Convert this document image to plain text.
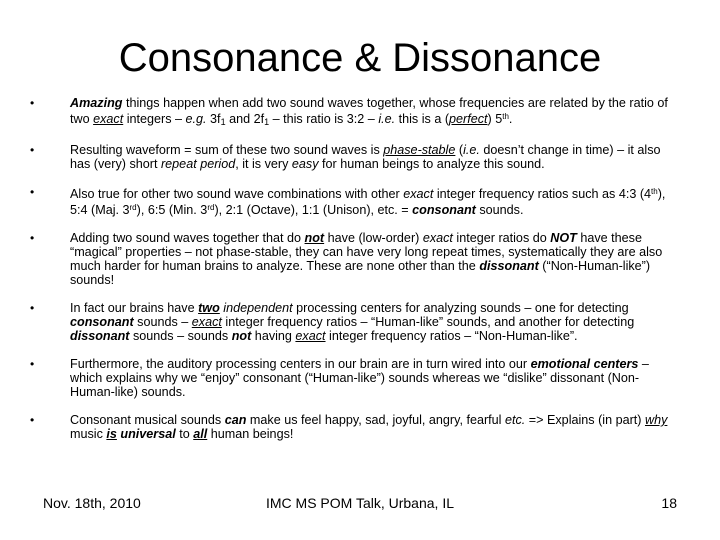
Consonance & Dissonance
•	Amazing things happen when add two sound waves together, whose frequencies are related by the ratio of two exact integers – e.g. $3f_1$ and $2f_1$ – this ratio is 3:2 – i.e. this is a (perfect) 5th.
•	Resulting waveform = sum of these two sound waves is phase-stable (i.e. doesn’t change in time) – it also has (very) short repeat period, it is very easy for human beings to analyze this sound.
•	Also true for other two sound wave combinations with other exact integer frequency ratios such as 4:3 (4th), 5:4 (Maj. 3rd), 6:5 (Min. 3rd), 2:1 (Octave), 1:1 (Unison), etc. = consonant sounds.
•	Adding two sound waves together that do not have (low-order) exact integer ratios do NOT have these “magical” properties – not phase-stable, they can have very long repeat times, systematically they are also much harder for human brains to analyze. These are none other than the dissonant (“Non-Human-like”) sounds!
•	In fact our brains have two independent processing centers for analyzing sounds – one for detecting consonant sounds – exact integer frequency ratios – “Human-like” sounds, and another for detecting dissonant sounds – sounds not having exact integer frequency ratios – “Non-Human-like”.
•	Furthermore, the auditory processing centers in our brain are in turn wired into our emotional centers – which explains why we “enjoy” consonant (“Human-like”) sounds whereas we “dislike” dissonant (Non-Human-like) sounds.
•	Consonant musical sounds can make us feel happy, sad, joyful, angry, fearful etc. => Explains (in part) why music is universal to all human beings!
Nov. 18th, 2010	IMC MS POM Talk, Urbana, IL	18
